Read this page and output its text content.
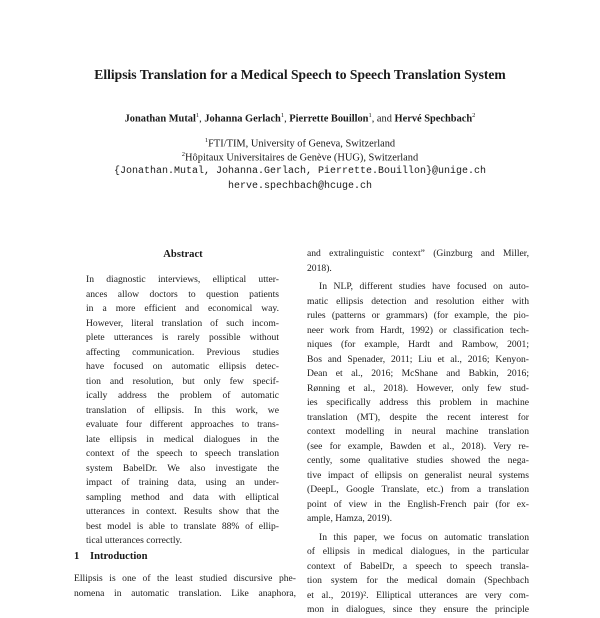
Ellipsis Translation for a Medical Speech to Speech Translation System
Jonathan Mutal$^1$, Johanna Gerlach$^1$, Pierrette Bouillon$^1$, and Hervé Spechbach$^2$
$^1$FTI/TIM, University of Geneva, Switzerland
$^2$Hôpitaux Universitaires de Genève (HUG), Switzerland
{Jonathan.Mutal, Johanna.Gerlach, Pierrette.Bouillon}@unige.ch
herve.spechbach@hcuge.ch
Abstract
In diagnostic interviews, elliptical utter-
ances allow doctors to question patients
in a more efficient and economical way.
However, literal translation of such incom-
plete utterances is rarely possible without
affecting communication. Previous studies
have focused on automatic ellipsis detec-
tion and resolution, but only few specif-
ically address the problem of automatic
translation of ellipsis. In this work, we
evaluate four different approaches to trans-
late ellipsis in medical dialogues in the
context of the speech to speech translation
system BabelDr. We also investigate the
impact of training data, using an under-
sampling method and data with elliptical
utterances in context. Results show that the
best model is able to translate 88% of ellip-
tical utterances correctly.
1 Introduction
Ellipsis is one of the least studied discursive phe-
nomena in automatic translation. Like anaphora,
and extralinguistic context” (Ginzburg and Miller,
2018).
In NLP, different studies have focused on auto-
matic ellipsis detection and resolution either with
rules (patterns or grammars) (for example, the pio-
neer work from Hardt, 1992) or classification tech-
niques (for example, Hardt and Rambow, 2001;
Bos and Spenader, 2011; Liu et al., 2016; Kenyon-
Dean et al., 2016; McShane and Babkin, 2016;
Rønning et al., 2018). However, only few stud-
ies specifically address this problem in machine
translation (MT), despite the recent interest for
context modelling in neural machine translation
(see for example, Bawden et al., 2018). Very re-
cently, some qualitative studies showed the nega-
tive impact of ellipsis on generalist neural systems
(DeepL, Google Translate, etc.) from a translation
point of view in the English-French pair (for ex-
ample, Hamza, 2019).
In this paper, we focus on automatic translation
of ellipsis in medical dialogues, in the particular
context of BabelDr, a speech to speech transla-
tion system for the medical domain (Spechbach
et al., 2019)². Elliptical utterances are very com-
mon in dialogues, since they ensure the principle
